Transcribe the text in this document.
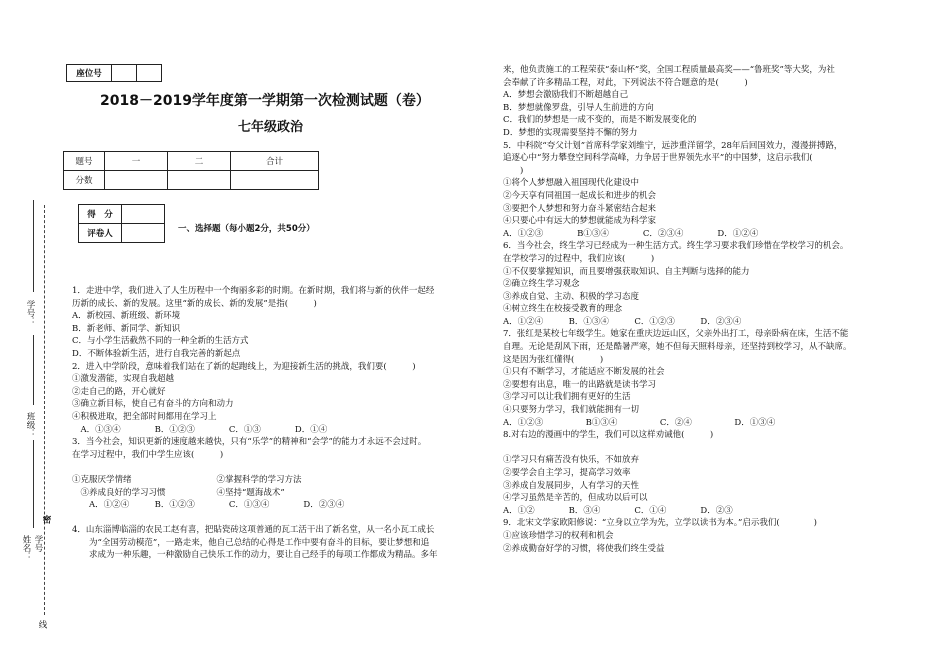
座位号		
2018－2019学年度第一学期第一次检测试题（卷）
七年级政治
题号	一	二	合计
分数			
得　分	
评卷人		一、选择题（每小题2分，共50分）
学号：
班级：
姓名： 学号
密
线
1．走进中学，我们进入了人生历程中一个绚丽多彩的时期。在新时期，我们将与新的伙伴一起经
历新的成长、新的发展。这里“新的成长、新的发展”是指(　　　)
A．新校园、新班级、新环境
B．新老师、新同学、新知识
C．与小学生活截然不同的一种全新的生活方式
D．不断体验新生活，进行自我完善的新起点
2．进入中学阶段，意味着我们站在了新的起跑线上，为迎接新生活的挑战，我们要(　　　)
①激发潜能，实现自我超越
②走自己的路，开心就好
③确立新目标，使自己有奋斗的方向和动力
④积极进取，把全部时间都用在学习上
　A．①③④　　　　B．①②③　　　　C．①③　　　　D．①④
3．当今社会，知识更新的速度越来越快，只有“乐学”的精神和“会学”的能力才永远不会过时。
在学习过程中，我们中学生应该(　　　)
①克服厌学情绪　　　　　　　　　　②掌握科学的学习方法
　③养成良好的学习习惯　　　　　　④坚持“题海战术”
　　A．①②④　　　B．①②③　　　　C．①③④　　　　D．②③④
4．山东淄博临淄的农民工赵有喜，把貼瓷砖这项普通的瓦工活干出了新名堂，从一名小瓦工成长
　　为“全国劳动模范”，一路走来，他自己总结的心得是工作中要有奋斗的目标，要让梦想和追
　　求成为一种乐趣，一种激励自己快乐工作的动力，要让自己经手的每项工作都成为精品。多年
来，他负责施工的工程荣获“泰山杯”奖，全国工程质量最高奖——“鲁班奖”等大奖，为社
会奉献了许多精品工程，对此，下列说法不符合题意的是(　　　)
A．梦想会激励我们不断超越自己
B．梦想就像罗盘，引导人生前进的方向
C．我们的梦想是一成不变的，而是不断发展变化的
D．梦想的实现需要坚持不懈的努力
5．中科院“夸父计划”首席科学家刘维宁，远涉重洋留学，28年后回国效力，漫漫拼搏路，
追逐心中“努力攀登空间科学高峰，力争居于世界领先水平”的中国梦，这启示我们(
　　)
①将个人梦想融入祖国现代化建设中
②今天享有同祖国一起成长和进步的机会
③要把个人梦想和努力奋斗紧密结合起来
④只要心中有远大的梦想就能成为科学家
A．①②③　　　　B①③④　　　　C．②③④　　　　D．①②④
6．当今社会，终生学习已经成为一种生活方式。终生学习要求我们珍惜在学校学习的机会。
在学校学习的过程中，我们应该(　　　)
①不仅要掌握知识，而且要增强获取知识、自主判断与选择的能力
②确立终生学习观念
③养成自觉、主动、积极的学习态度
④树立终生在校接受教育的理念
A．①②④　　　B．①③④　　　C．①②③　　　D．②③④
7．张红是某校七年级学生。她家在重庆边远山区，父亲外出打工，母亲卧病在床，生活不能
自理。无论是刮风下雨，还是酷暑严寒，她不但每天照料母亲，还坚持到校学习，从不缺席。
这是因为张红懂得(　　　)
①只有不断学习，才能适应不断发展的社会
②要想有出息，唯一的出路就是读书学习
③学习可以让我们拥有更好的生活
④只要努力学习，我们就能拥有一切
A．①②③　　　　　B①③④　　　　　C．②④　　　　　D．①③④
8.对右边的漫画中的学生，我们可以这样劝诫他(　　　)
①学习只有痛苦没有快乐，不如放弃
②要学会自主学习，提高学习效率
③养成自发展同步，人有学习的天性
④学习虽然是辛苦的，但成功以后可以
A．①②　　　　B．③④　　　　C．①④　　　　D．②③
9．北宋文学家欧阳修说：“立身以立学为先，立学以读书为本。”启示我们(　　　　)
①应该珍惜学习的权利和机会
②养成勤奋好学的习惯，将使我们终生受益
